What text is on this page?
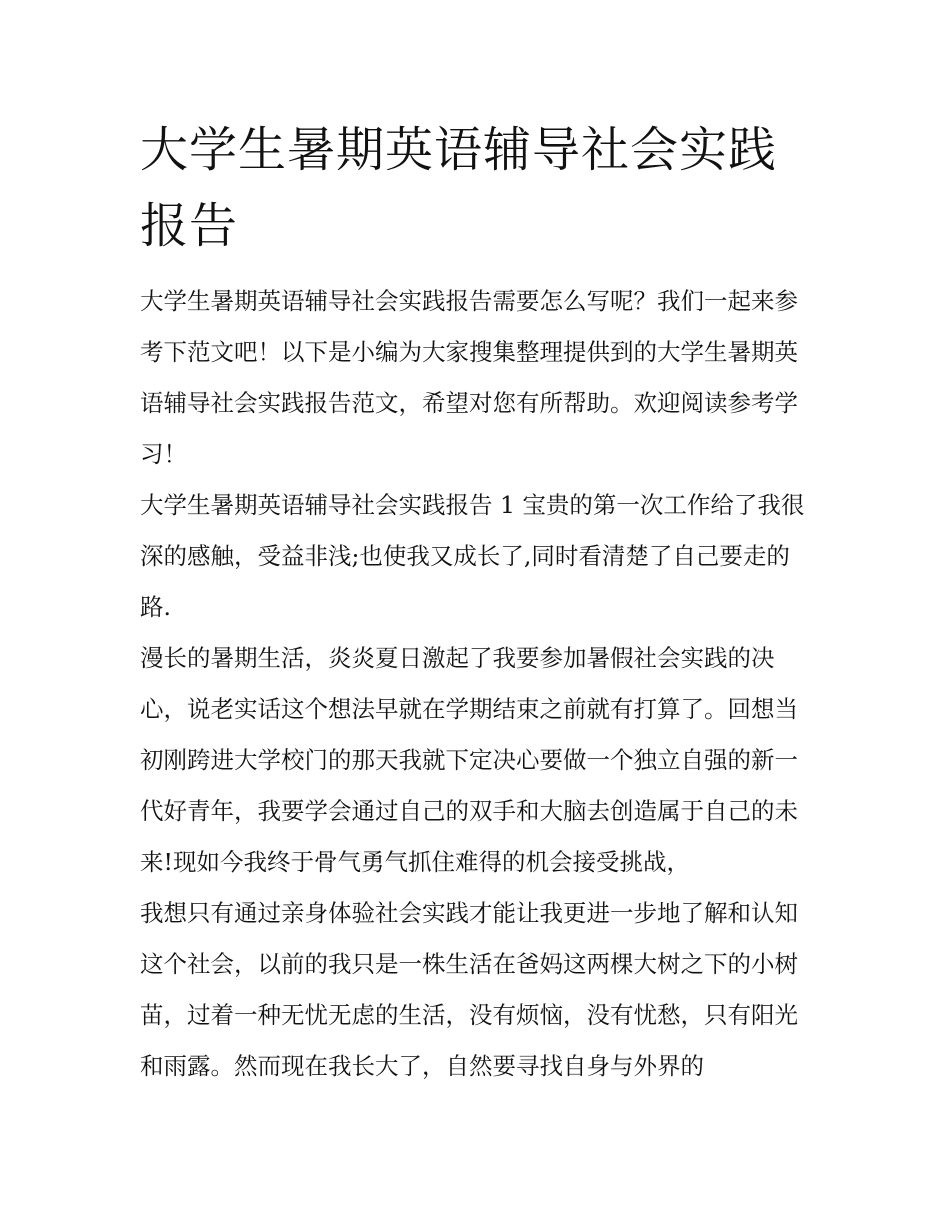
大学生暑期英语辅导社会实践报告

大学生暑期英语辅导社会实践报告需要怎么写呢？我们一起来参考下范文吧！以下是小编为大家搜集整理提供到的大学生暑期英语辅导社会实践报告范文，希望对您有所帮助。欢迎阅读参考学习！

大学生暑期英语辅导社会实践报告 1 宝贵的第一次工作给了我很深的感触，受益非浅;也使我又成长了,同时看清楚了自己要走的路.

漫长的暑期生活，炎炎夏日激起了我要参加暑假社会实践的决心，说老实话这个想法早就在学期结束之前就有打算了。回想当初刚跨进大学校门的那天我就下定决心要做一个独立自强的新一代好青年，我要学会通过自己的双手和大脑去创造属于自己的未来!现如今我终于骨气勇气抓住难得的机会接受挑战，

我想只有通过亲身体验社会实践才能让我更进一步地了解和认知这个社会，以前的我只是一株生活在爸妈这两棵大树之下的小树苗，过着一种无忧无虑的生活，没有烦恼，没有忧愁，只有阳光和雨露。然而现在我长大了，自然要寻找自身与外界的
